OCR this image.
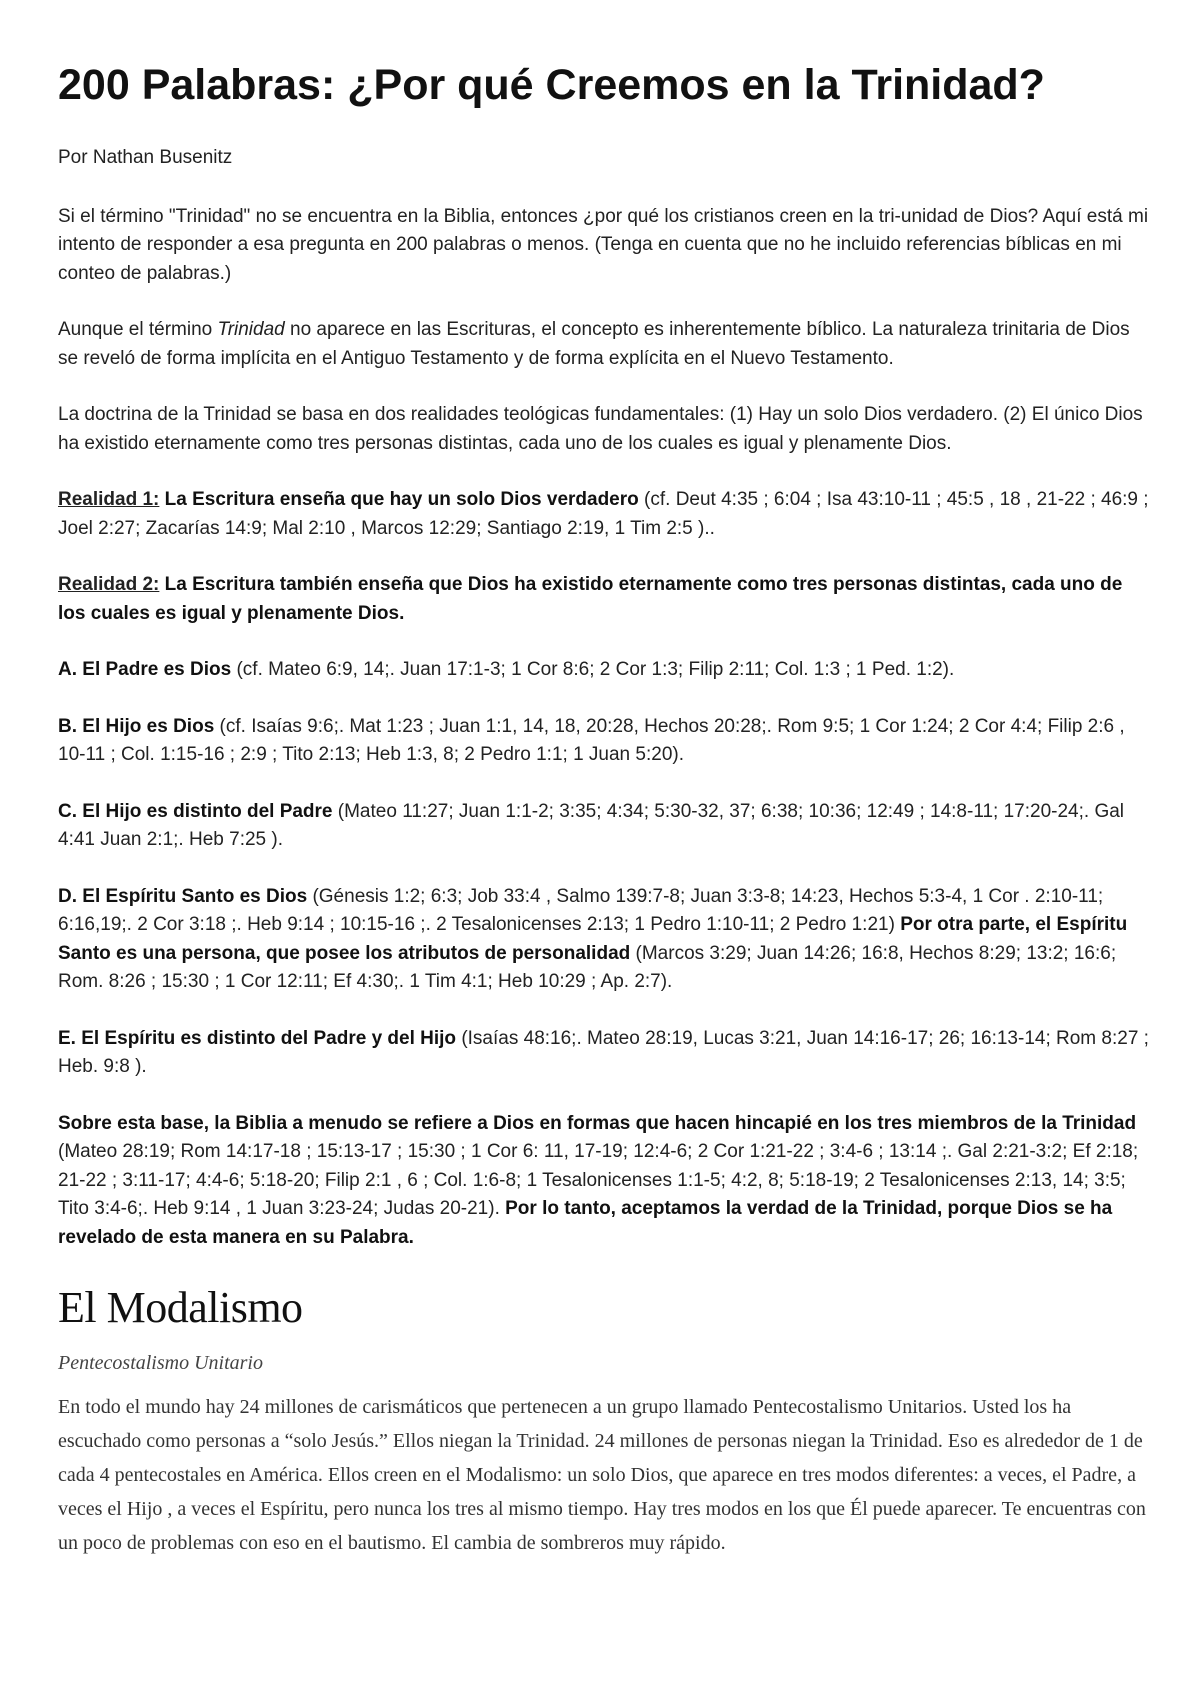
200 Palabras: ¿Por qué Creemos en la Trinidad?

Por Nathan Busenitz

Si el término "Trinidad" no se encuentra en la Biblia, entonces ¿por qué los cristianos creen en la tri-unidad de Dios? Aquí está mi intento de responder a esa pregunta en 200 palabras o menos. (Tenga en cuenta que no he incluido referencias bíblicas en mi conteo de palabras.)

Aunque el término Trinidad no aparece en las Escrituras, el concepto es inherentemente bíblico. La naturaleza trinitaria de Dios se reveló de forma implícita en el Antiguo Testamento y de forma explícita en el Nuevo Testamento.

La doctrina de la Trinidad se basa en dos realidades teológicas fundamentales: (1) Hay un solo Dios verdadero. (2) El único Dios ha existido eternamente como tres personas distintas, cada uno de los cuales es igual y plenamente Dios.

Realidad 1: La Escritura enseña que hay un solo Dios verdadero (cf. Deut 4:35 ; 6:04 ; Isa 43:10-11 ; 45:5 , 18 , 21-22 ; 46:9 ; Joel 2:27; Zacarías 14:9; Mal 2:10 , Marcos 12:29; Santiago 2:19, 1 Tim 2:5 )..

Realidad 2: La Escritura también enseña que Dios ha existido eternamente como tres personas distintas, cada uno de los cuales es igual y plenamente Dios.

A. El Padre es Dios (cf. Mateo 6:9, 14;. Juan 17:1-3; 1 Cor 8:6; 2 Cor 1:3; Filip 2:11; Col. 1:3 ; 1 Ped. 1:2).

B. El Hijo es Dios (cf. Isaías 9:6;. Mat 1:23 ; Juan 1:1, 14, 18, 20:28, Hechos 20:28;. Rom 9:5; 1 Cor 1:24; 2 Cor 4:4; Filip 2:6 , 10-11 ; Col. 1:15-16 ; 2:9 ; Tito 2:13; Heb 1:3, 8; 2 Pedro 1:1; 1 Juan 5:20).

C. El Hijo es distinto del Padre (Mateo 11:27; Juan 1:1-2; 3:35; 4:34; 5:30-32, 37; 6:38; 10:36; 12:49 ; 14:8-11; 17:20-24;. Gal 4:41 Juan 2:1;. Heb 7:25 ).

D. El Espíritu Santo es Dios (Génesis 1:2; 6:3; Job 33:4 , Salmo 139:7-8; Juan 3:3-8; 14:23, Hechos 5:3-4, 1 Cor . 2:10-11; 6:16,19;. 2 Cor 3:18 ;. Heb 9:14 ; 10:15-16 ;. 2 Tesalonicenses 2:13; 1 Pedro 1:10-11; 2 Pedro 1:21) Por otra parte, el Espíritu Santo es una persona, que posee los atributos de personalidad (Marcos 3:29; Juan 14:26; 16:8, Hechos 8:29; 13:2; 16:6; Rom. 8:26 ; 15:30 ; 1 Cor 12:11; Ef 4:30;. 1 Tim 4:1; Heb 10:29 ; Ap. 2:7).

E. El Espíritu es distinto del Padre y del Hijo (Isaías 48:16;. Mateo 28:19, Lucas 3:21, Juan 14:16-17; 26; 16:13-14; Rom 8:27 ; Heb. 9:8 ).

Sobre esta base, la Biblia a menudo se refiere a Dios en formas que hacen hincapié en los tres miembros de la Trinidad (Mateo 28:19; Rom 14:17-18 ; 15:13-17 ; 15:30 ; 1 Cor 6: 11, 17-19; 12:4-6; 2 Cor 1:21-22 ; 3:4-6 ; 13:14 ;. Gal 2:21-3:2; Ef 2:18; 21-22 ; 3:11-17; 4:4-6; 5:18-20; Filip 2:1 , 6 ; Col. 1:6-8; 1 Tesalonicenses 1:1-5; 4:2, 8; 5:18-19; 2 Tesalonicenses 2:13, 14; 3:5; Tito 3:4-6;. Heb 9:14 , 1 Juan 3:23-24; Judas 20-21). Por lo tanto, aceptamos la verdad de la Trinidad, porque Dios se ha revelado de esta manera en su Palabra.

El Modalismo

Pentecostalismo Unitario

En todo el mundo hay 24 millones de carismáticos que pertenecen a un grupo llamado Pentecostalismo Unitarios. Usted los ha escuchado como personas a “solo Jesús.” Ellos niegan la Trinidad. 24 millones de personas niegan la Trinidad. Eso es alrededor de 1 de cada 4 pentecostales en América. Ellos creen en el Modalismo: un solo Dios, que aparece en tres modos diferentes: a veces, el Padre, a veces el Hijo , a veces el Espíritu, pero nunca los tres al mismo tiempo. Hay tres modos en los que Él puede aparecer. Te encuentras con un poco de problemas con eso en el bautismo. El cambia de sombreros muy rápido.
